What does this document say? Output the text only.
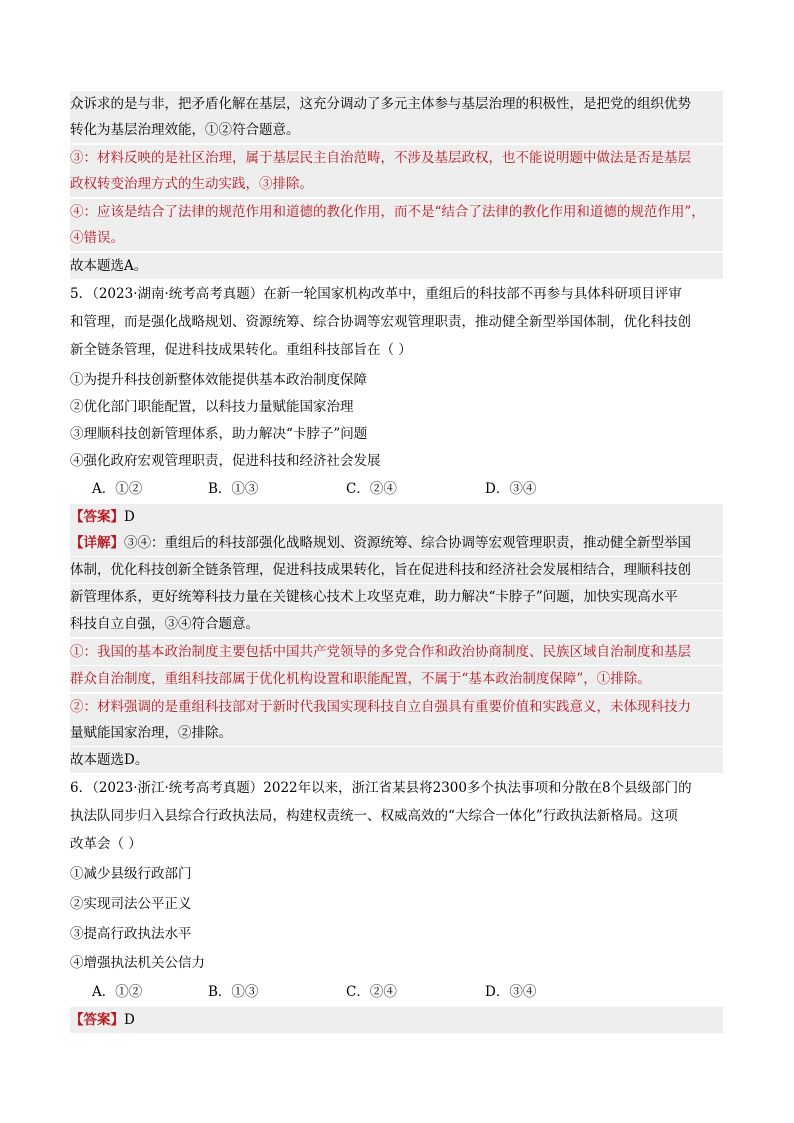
众诉求的是与非，把矛盾化解在基层，这充分调动了多元主体参与基层治理的积极性，是把党的组织优势
转化为基层治理效能，①②符合题意。
③：材料反映的是社区治理，属于基层民主自治范畴，不涉及基层政权，也不能说明题中做法是否是基层
政权转变治理方式的生动实践，③排除。
④：应该是结合了法律的规范作用和道德的教化作用，而不是“结合了法律的教化作用和道德的规范作用”，
④错误。
故本题选A。
5．（2023·湖南·统考高考真题）在新一轮国家机构改革中，重组后的科技部不再参与具体科研项目评审
和管理，而是强化战略规划、资源统筹、综合协调等宏观管理职责，推动健全新型举国体制，优化科技创
新全链条管理，促进科技成果转化。重组科技部旨在（ ）
①为提升科技创新整体效能提供基本政治制度保障
②优化部门职能配置，以科技力量赋能国家治理
③理顺科技创新管理体系，助力解决“卡脖子”问题
④强化政府宏观管理职责，促进科技和经济社会发展
A．①②	B．①③	C．②④	D．③④
【答案】D
【详解】③④：重组后的科技部强化战略规划、资源统筹、综合协调等宏观管理职责，推动健全新型举国
体制，优化科技创新全链条管理，促进科技成果转化，旨在促进科技和经济社会发展相结合，理顺科技创
新管理体系，更好统筹科技力量在关键核心技术上攻坚克难，助力解决“卡脖子”问题，加快实现高水平
科技自立自强，③④符合题意。
①：我国的基本政治制度主要包括中国共产党领导的多党合作和政治协商制度、民族区域自治制度和基层
群众自治制度，重组科技部属于优化机构设置和职能配置，不属于“基本政治制度保障”，①排除。
②：材料强调的是重组科技部对于新时代我国实现科技自立自强具有重要价值和实践意义，未体现科技力
量赋能国家治理，②排除。
故本题选D。
6．（2023·浙江·统考高考真题）2022年以来，浙江省某县将2300多个执法事项和分散在8个县级部门的
执法队同步归入县综合行政执法局，构建权责统一、权威高效的“大综合一体化”行政执法新格局。这项
改革会（ ）
①减少县级行政部门
②实现司法公平正义
③提高行政执法水平
④增强执法机关公信力
A．①②	B．①③	C．②④	D．③④
【答案】D
